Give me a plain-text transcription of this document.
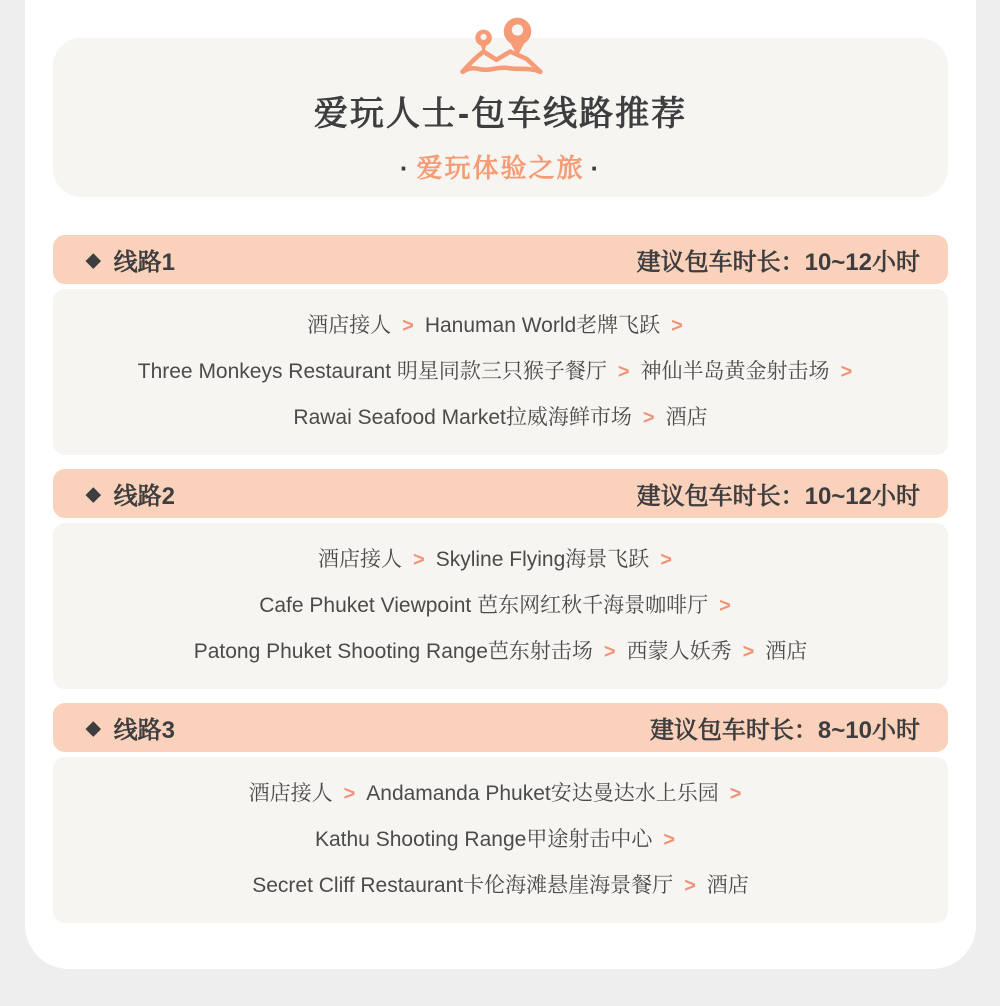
爱玩人士-包车线路推荐
· 爱玩体验之旅 ·
◆ 线路1	建议包车时长：10~12小时
酒店接人 > Hanuman World老牌飞跃 >
Three Monkeys Restaurant 明星同款三只猴子餐厅 > 神仙半岛黄金射击场 >
Rawai Seafood Market拉威海鲜市场 > 酒店
◆ 线路2	建议包车时长：10~12小时
酒店接人 > Skyline Flying海景飞跃 >
Cafe Phuket Viewpoint 芭东网红秋千海景咖啡厅 >
Patong Phuket Shooting Range芭东射击场 > 西蒙人妖秀 > 酒店
◆ 线路3	建议包车时长：8~10小时
酒店接人 > Andamanda Phuket安达曼达水上乐园 >
Kathu Shooting Range甲途射击中心 >
Secret Cliff Restaurant卡伦海滩悬崖海景餐厅 > 酒店
